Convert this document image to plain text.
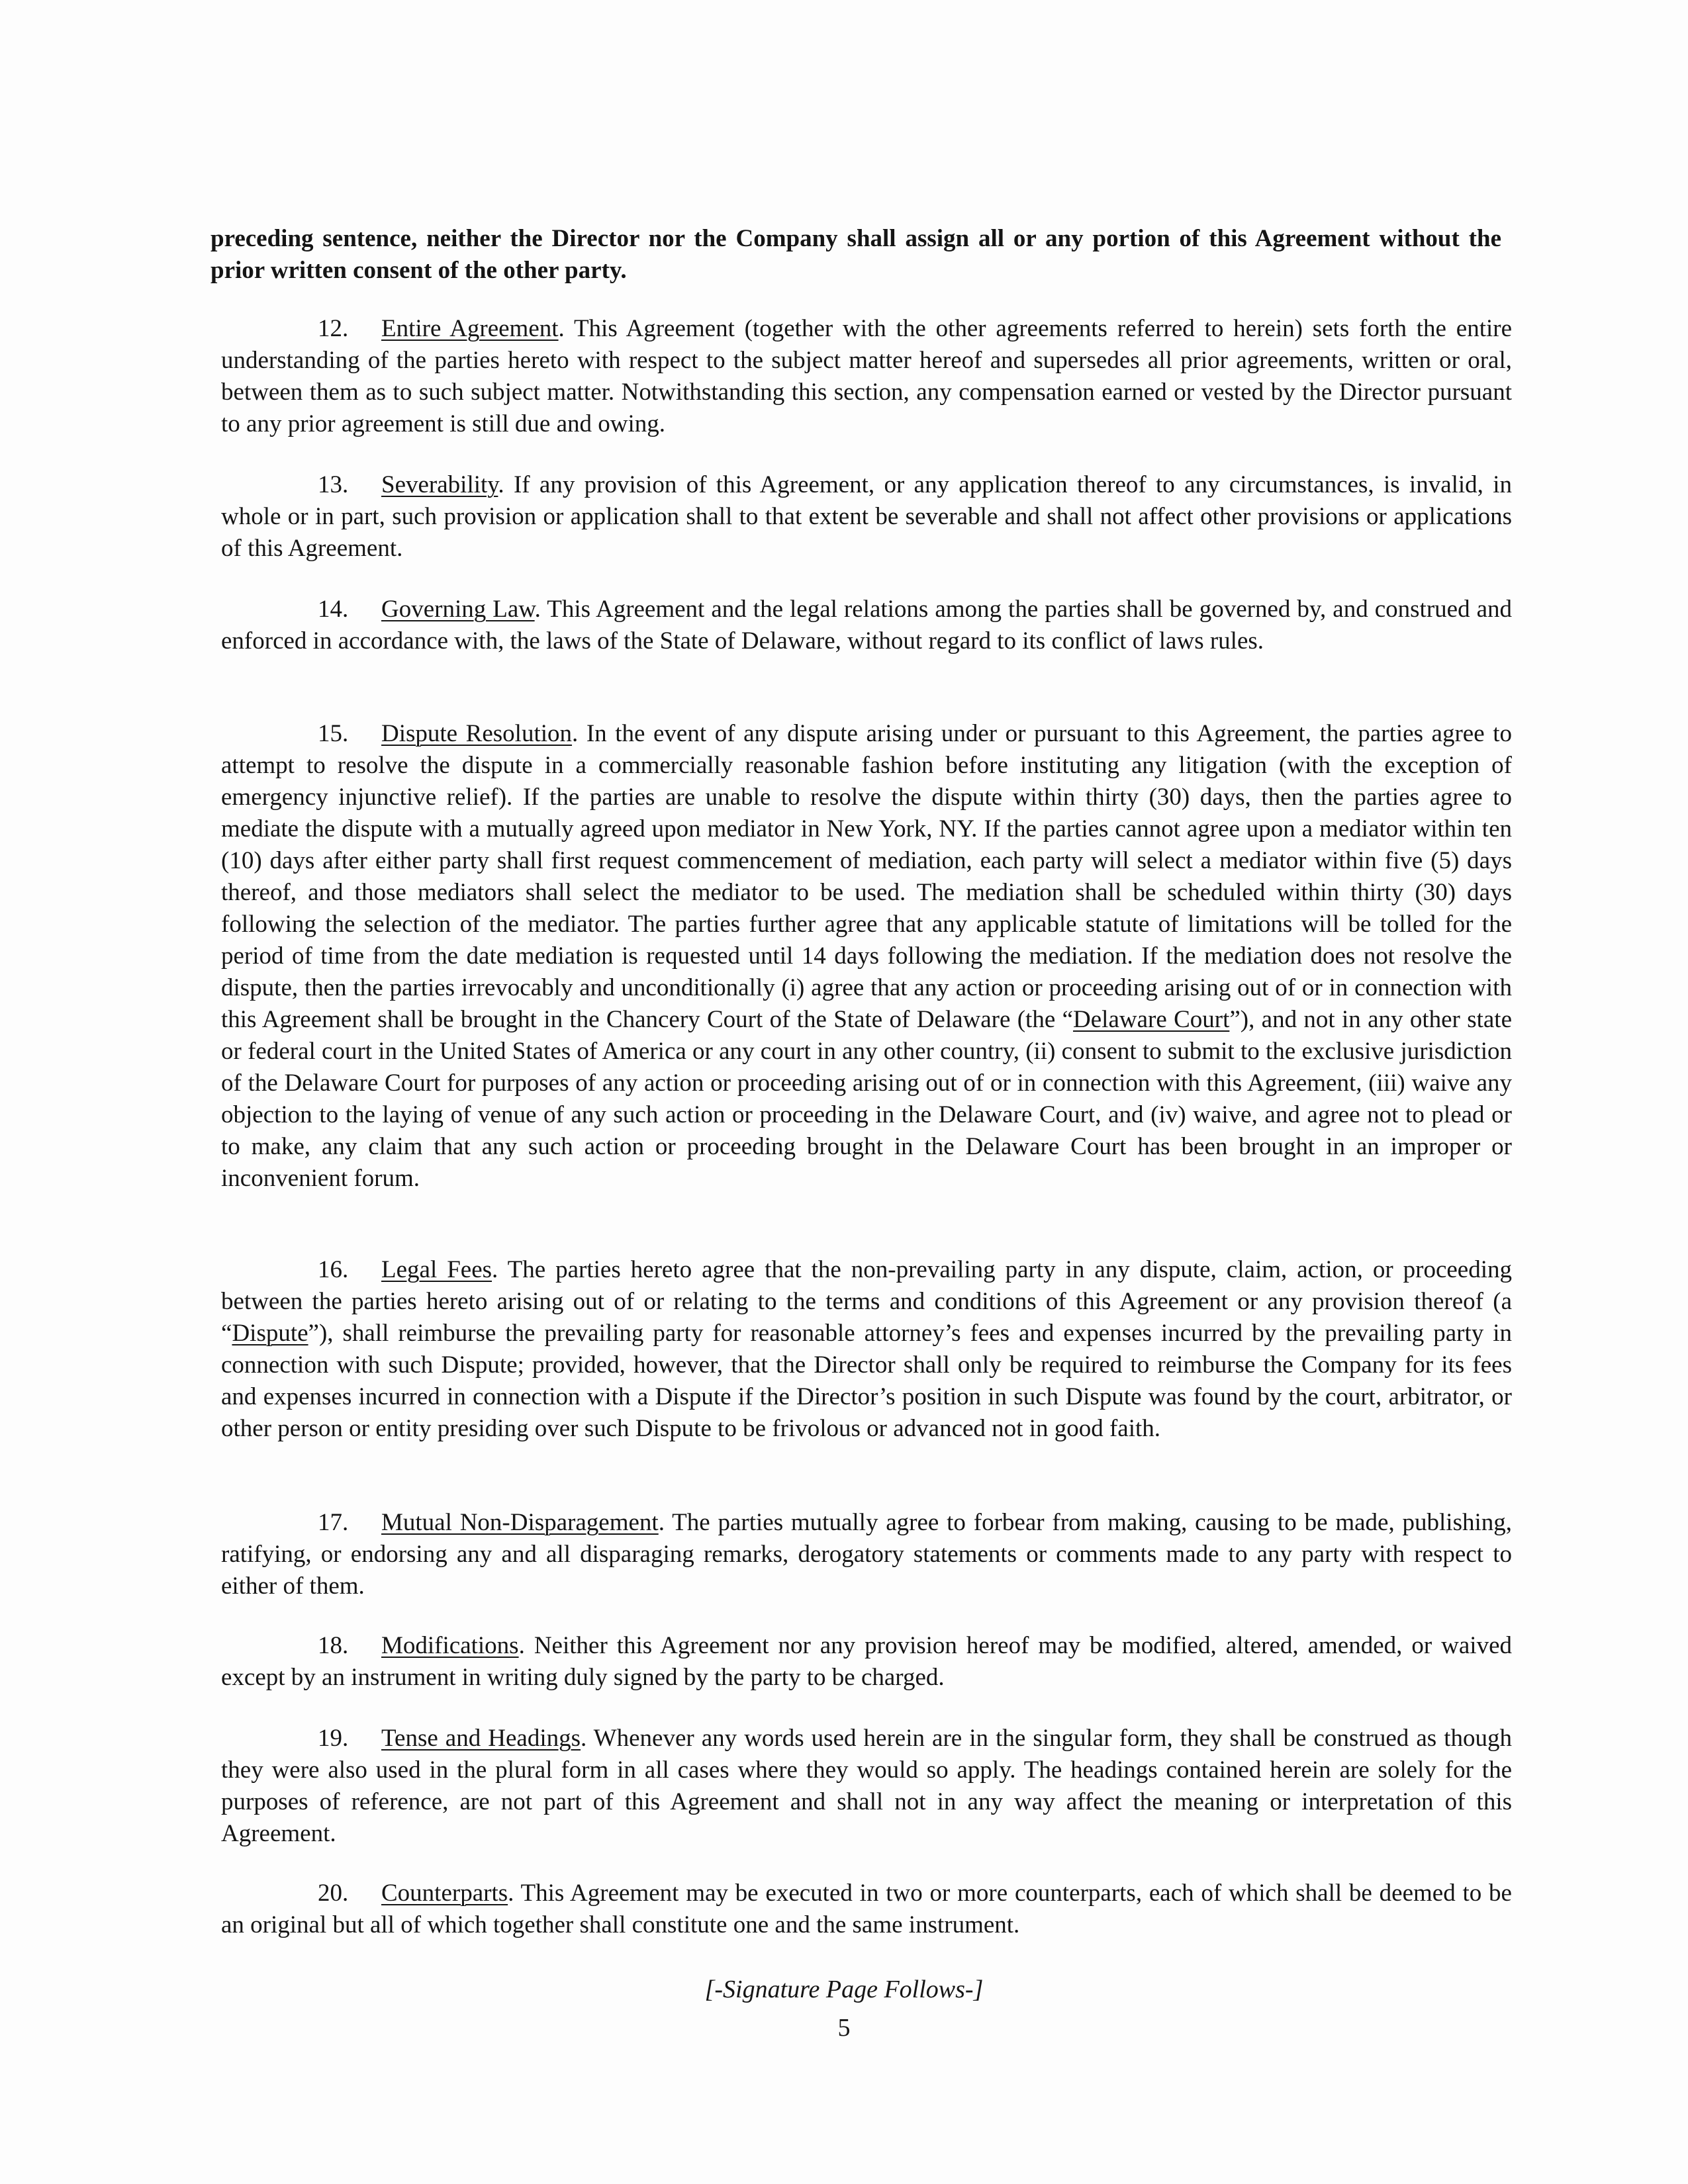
preceding sentence, neither the Director nor the Company shall assign all or any portion of this Agreement without the prior written consent of the other party.

12. Entire Agreement. This Agreement (together with the other agreements referred to herein) sets forth the entire understanding of the parties hereto with respect to the subject matter hereof and supersedes all prior agreements, written or oral, between them as to such subject matter. Notwithstanding this section, any compensation earned or vested by the Director pursuant to any prior agreement is still due and owing.

13. Severability. If any provision of this Agreement, or any application thereof to any circumstances, is invalid, in whole or in part, such provision or application shall to that extent be severable and shall not affect other provisions or applications of this Agreement.

14. Governing Law. This Agreement and the legal relations among the parties shall be governed by, and construed and enforced in accordance with, the laws of the State of Delaware, without regard to its conflict of laws rules.

15. Dispute Resolution. In the event of any dispute arising under or pursuant to this Agreement, the parties agree to attempt to resolve the dispute in a commercially reasonable fashion before instituting any litigation (with the exception of emergency injunctive relief). If the parties are unable to resolve the dispute within thirty (30) days, then the parties agree to mediate the dispute with a mutually agreed upon mediator in New York, NY. If the parties cannot agree upon a mediator within ten (10) days after either party shall first request commencement of mediation, each party will select a mediator within five (5) days thereof, and those mediators shall select the mediator to be used. The mediation shall be scheduled within thirty (30) days following the selection of the mediator. The parties further agree that any applicable statute of limitations will be tolled for the period of time from the date mediation is requested until 14 days following the mediation. If the mediation does not resolve the dispute, then the parties irrevocably and unconditionally (i) agree that any action or proceeding arising out of or in connection with this Agreement shall be brought in the Chancery Court of the State of Delaware (the “Delaware Court”), and not in any other state or federal court in the United States of America or any court in any other country, (ii) consent to submit to the exclusive jurisdiction of the Delaware Court for purposes of any action or proceeding arising out of or in connection with this Agreement, (iii) waive any objection to the laying of venue of any such action or proceeding in the Delaware Court, and (iv) waive, and agree not to plead or to make, any claim that any such action or proceeding brought in the Delaware Court has been brought in an improper or inconvenient forum.

16. Legal Fees. The parties hereto agree that the non-prevailing party in any dispute, claim, action, or proceeding between the parties hereto arising out of or relating to the terms and conditions of this Agreement or any provision thereof (a “Dispute”), shall reimburse the prevailing party for reasonable attorney’s fees and expenses incurred by the prevailing party in connection with such Dispute; provided, however, that the Director shall only be required to reimburse the Company for its fees and expenses incurred in connection with a Dispute if the Director’s position in such Dispute was found by the court, arbitrator, or other person or entity presiding over such Dispute to be frivolous or advanced not in good faith.

17. Mutual Non-Disparagement. The parties mutually agree to forbear from making, causing to be made, publishing, ratifying, or endorsing any and all disparaging remarks, derogatory statements or comments made to any party with respect to either of them.

18. Modifications. Neither this Agreement nor any provision hereof may be modified, altered, amended, or waived except by an instrument in writing duly signed by the party to be charged.

19. Tense and Headings. Whenever any words used herein are in the singular form, they shall be construed as though they were also used in the plural form in all cases where they would so apply. The headings contained herein are solely for the purposes of reference, are not part of this Agreement and shall not in any way affect the meaning or interpretation of this Agreement.

20. Counterparts. This Agreement may be executed in two or more counterparts, each of which shall be deemed to be an original but all of which together shall constitute one and the same instrument.

[-Signature Page Follows-]
5
